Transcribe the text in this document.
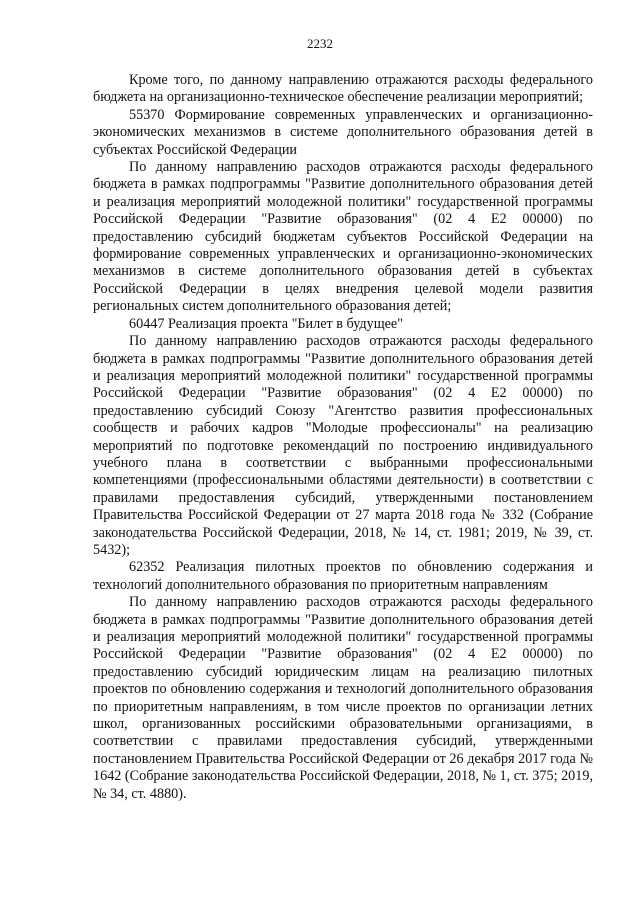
2232

Кроме того, по данному направлению отражаются расходы федерального бюджета на организационно-техническое обеспечение реализации мероприятий;

55370 Формирование современных управленческих и организационно-экономических механизмов в системе дополнительного образования детей в субъектах Российской Федерации

По данному направлению расходов отражаются расходы федерального бюджета в рамках подпрограммы "Развитие дополнительного образования детей и реализация мероприятий молодежной политики" государственной программы Российской Федерации "Развитие образования" (02 4 E2 00000) по предоставлению субсидий бюджетам субъектов Российской Федерации на формирование современных управленческих и организационно-экономических механизмов в системе дополнительного образования детей в субъектах Российской Федерации в целях внедрения целевой модели развития региональных систем дополнительного образования детей;

60447 Реализация проекта "Билет в будущее"

По данному направлению расходов отражаются расходы федерального бюджета в рамках подпрограммы "Развитие дополнительного образования детей и реализация мероприятий молодежной политики" государственной программы Российской Федерации "Развитие образования" (02 4 E2 00000) по предоставлению субсидий Союзу "Агентство развития профессиональных сообществ и рабочих кадров "Молодые профессионалы" на реализацию мероприятий по подготовке рекомендаций по построению индивидуального учебного плана в соответствии с выбранными профессиональными компетенциями (профессиональными областями деятельности) в соответствии с правилами предоставления субсидий, утвержденными постановлением Правительства Российской Федерации от 27 марта 2018 года № 332 (Собрание законодательства Российской Федерации, 2018, № 14, ст. 1981; 2019, № 39, ст. 5432);

62352 Реализация пилотных проектов по обновлению содержания и технологий дополнительного образования по приоритетным направлениям

По данному направлению расходов отражаются расходы федерального бюджета в рамках подпрограммы "Развитие дополнительного образования детей и реализация мероприятий молодежной политики" государственной программы Российской Федерации "Развитие образования" (02 4 E2 00000) по предоставлению субсидий юридическим лицам на реализацию пилотных проектов по обновлению содержания и технологий дополнительного образования по приоритетным направлениям, в том числе проектов по организации летних школ, организованных российскими образовательными организациями, в соответствии с правилами предоставления субсидий, утвержденными постановлением Правительства Российской Федерации от 26 декабря 2017 года № 1642 (Собрание законодательства Российской Федерации, 2018, № 1, ст. 375; 2019, № 34, ст. 4880).
